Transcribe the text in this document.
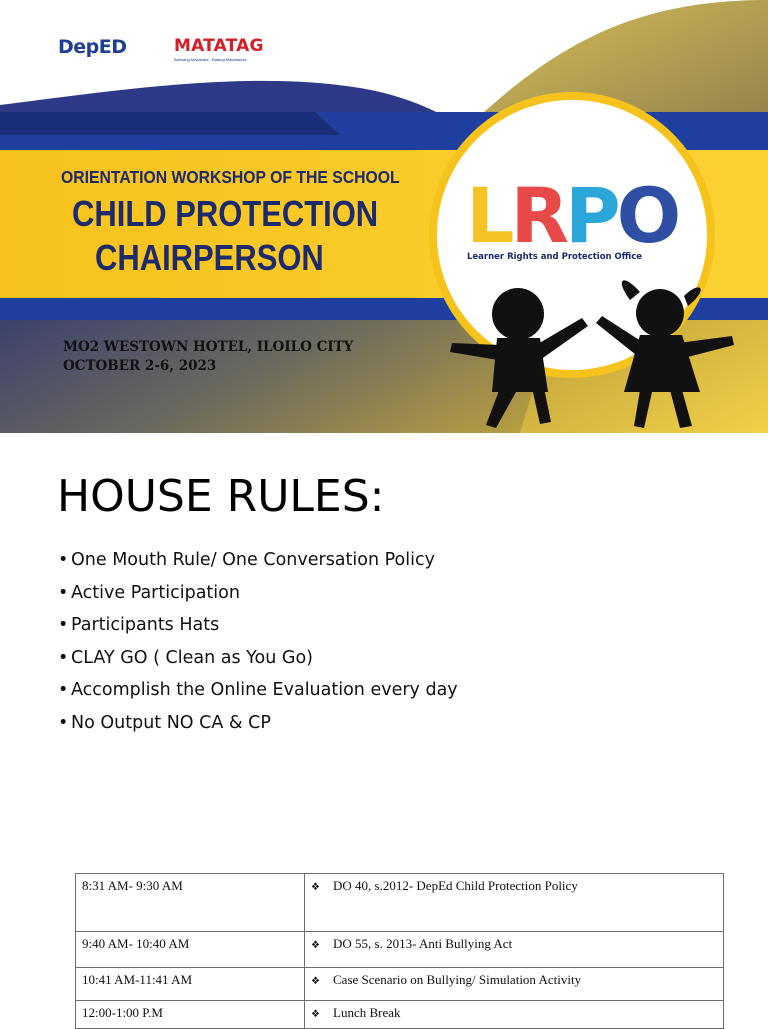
DepED	MATATAG
Bansang Makabata · Batang Makabansa
ORIENTATION WORKSHOP OF THE SCHOOL
CHILD PROTECTION
CHAIRPERSON
MO2 WESTOWN HOTEL, ILOILO CITY
OCTOBER 2-6, 2023
LRPO
Learner Rights and Protection Office
HOUSE RULES:
• One Mouth Rule/ One Conversation Policy
• Active Participation
• Participants Hats
• CLAY GO ( Clean as You Go)
• Accomplish the Online Evaluation every day
• No Output NO CA & CP
8:31 AM- 9:30 AM	❖ DO 40, s.2012- DepEd Child Protection Policy
9:40 AM- 10:40 AM	❖ DO 55, s. 2013- Anti Bullying Act
10:41 AM-11:41 AM	❖ Case Scenario on Bullying/ Simulation Activity
12:00-1:00 P.M	❖ Lunch Break
